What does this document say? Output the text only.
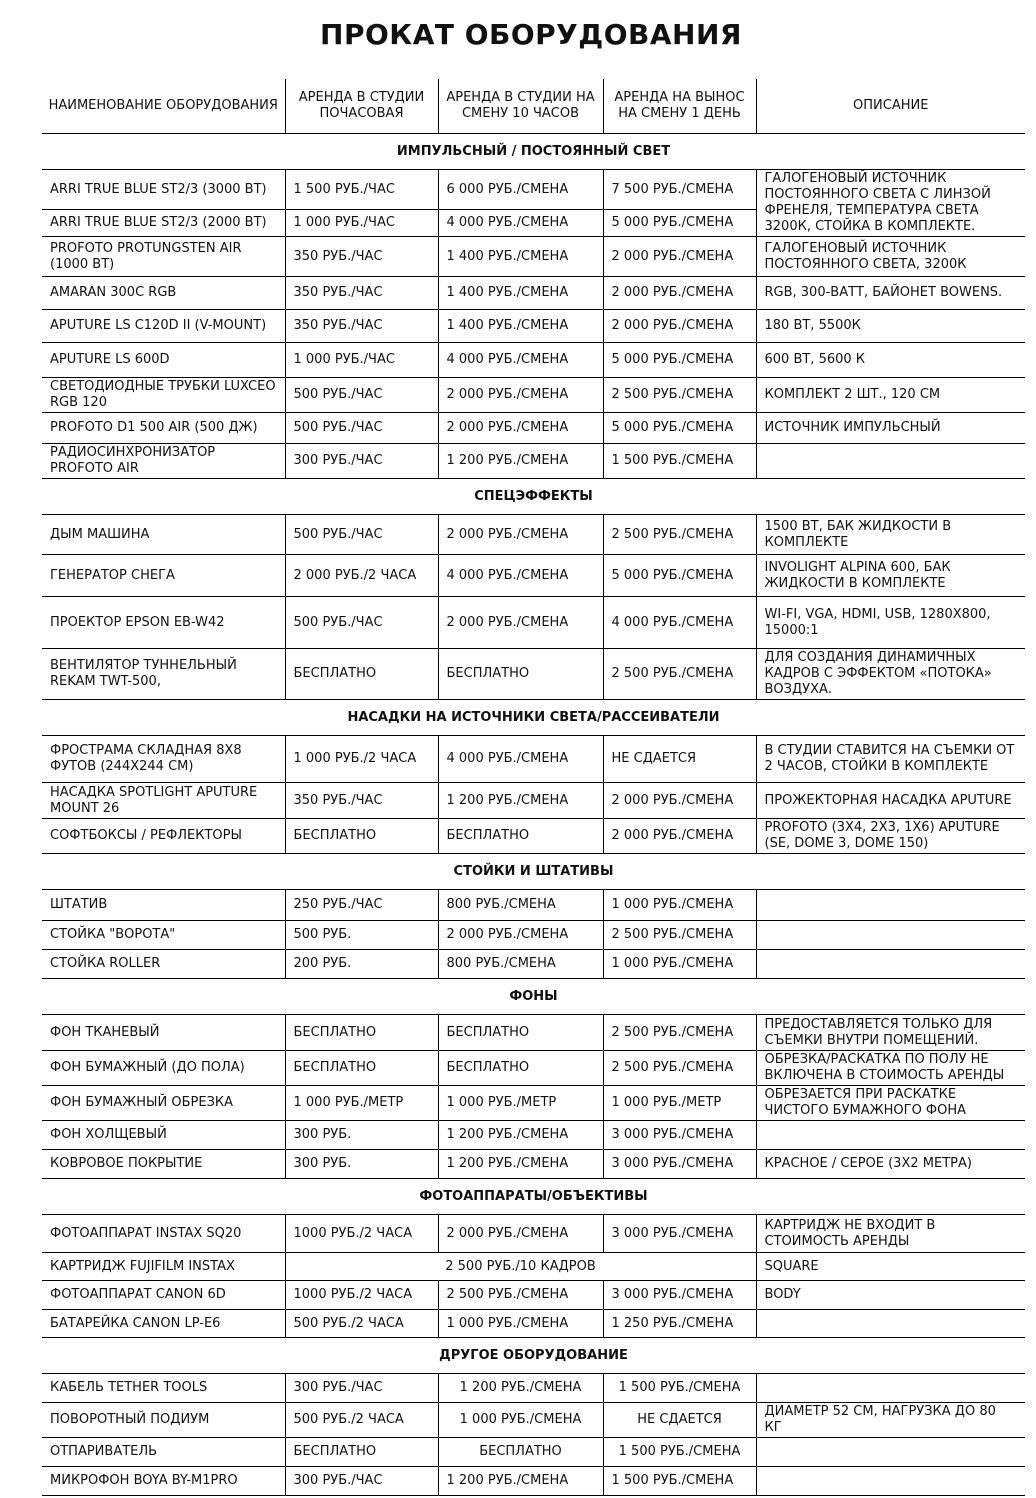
ПРОКАТ ОБОРУДОВАНИЯ
НАИМЕНОВАНИЕ ОБОРУДОВАНИЯ	АРЕНДА В СТУДИИ ПОЧАСОВАЯ	АРЕНДА В СТУДИИ НА СМЕНУ 10 ЧАСОВ	АРЕНДА НА ВЫНОС НА СМЕНУ 1 ДЕНЬ	ОПИСАНИЕ
ИМПУЛЬСНЫЙ / ПОСТОЯННЫЙ СВЕТ				
ARRI TRUE BLUE ST2/3 (3000 ВТ)	1 500 РУБ./ЧАС	6 000 РУБ./СМЕНА	7 500 РУБ./СМЕНА	ГАЛОГЕНОВЫЙ ИСТОЧНИК ПОСТОЯННОГО СВЕТА С ЛИНЗОЙ ФРЕНЕЛЯ, ТЕМПЕРАТУРА СВЕТА 3200К, СТОЙКА В КОМПЛЕКТЕ.
ARRI TRUE BLUE ST2/3 (2000 ВТ)	1 000 РУБ./ЧАС	4 000 РУБ./СМЕНА	5 000 РУБ./СМЕНА	
PROFOTO PROTUNGSTEN AIR (1000 ВТ)	350 РУБ./ЧАС	1 400 РУБ./СМЕНА	2 000 РУБ./СМЕНА	ГАЛОГЕНОВЫЙ ИСТОЧНИК ПОСТОЯННОГО СВЕТА, 3200К
AMARAN 300C RGB	350 РУБ./ЧАС	1 400 РУБ./СМЕНА	2 000 РУБ./СМЕНА	RGB, 300-ВАТТ, БАЙОНЕТ BOWENS.
APUTURE LS C120D II (V-MOUNT)	350 РУБ./ЧАС	1 400 РУБ./СМЕНА	2 000 РУБ./СМЕНА	180 ВТ, 5500К
APUTURE LS 600D	1 000 РУБ./ЧАС	4 000 РУБ./СМЕНА	5 000 РУБ./СМЕНА	600 ВТ, 5600 К
СВЕТОДИОДНЫЕ ТРУБКИ LUXCEO RGB 120	500 РУБ./ЧАС	2 000 РУБ./СМЕНА	2 500 РУБ./СМЕНА	КОМПЛЕКТ 2 ШТ., 120 СМ
PROFOTO D1 500 AIR (500 ДЖ)	500 РУБ./ЧАС	2 000 РУБ./СМЕНА	5 000 РУБ./СМЕНА	ИСТОЧНИК ИМПУЛЬСНЫЙ
РАДИОСИНХРОНИЗАТОР PROFOTO AIR	300 РУБ./ЧАС	1 200 РУБ./СМЕНА	1 500 РУБ./СМЕНА	
СПЕЦЭФФЕКТЫ				
ДЫМ МАШИНА	500 РУБ./ЧАС	2 000 РУБ./СМЕНА	2 500 РУБ./СМЕНА	1500 ВТ, БАК ЖИДКОСТИ В КОМПЛЕКТЕ
ГЕНЕРАТОР СНЕГА	2 000 РУБ./2 ЧАСА	4 000 РУБ./СМЕНА	5 000 РУБ./СМЕНА	INVOLIGHT ALPINA 600, БАК ЖИДКОСТИ В КОМПЛЕКТЕ
ПРОЕКТОР EPSON EB-W42	500 РУБ./ЧАС	2 000 РУБ./СМЕНА	4 000 РУБ./СМЕНА	WI-FI, VGA, HDMI, USB, 1280X800, 15000:1
ВЕНТИЛЯТОР ТУННЕЛЬНЫЙ REKAM TWT-500,	БЕСПЛАТНО	БЕСПЛАТНО	2 500 РУБ./СМЕНА	ДЛЯ СОЗДАНИЯ ДИНАМИЧНЫХ КАДРОВ С ЭФФЕКТОМ «ПОТОКА» ВОЗДУХА.
НАСАДКИ НА ИСТОЧНИКИ СВЕТА/РАССЕИВАТЕЛИ				
ФРОСТРАМА СКЛАДНАЯ 8X8 ФУТОВ (244X244 СМ)	1 000 РУБ./2 ЧАСА	4 000 РУБ./СМЕНА	НЕ СДАЕТСЯ	В СТУДИИ СТАВИТСЯ НА СЪЕМКИ ОТ 2 ЧАСОВ, СТОЙКИ В КОМПЛЕКТЕ
НАСАДКА SPOTLIGHT APUTURE MOUNT 26	350 РУБ./ЧАС	1 200 РУБ./СМЕНА	2 000 РУБ./СМЕНА	ПРОЖЕКТОРНАЯ НАСАДКА APUTURE
СОФТБОКСЫ / РЕФЛЕКТОРЫ	БЕСПЛАТНО	БЕСПЛАТНО	2 000 РУБ./СМЕНА	PROFOTO (3X4, 2X3, 1X6) APUTURE (SE, DOME 3, DOME 150)
СТОЙКИ И ШТАТИВЫ				
ШТАТИВ	250 РУБ./ЧАС	800 РУБ./СМЕНА	1 000 РУБ./СМЕНА	
СТОЙКА "ВОРОТА"	500 РУБ.	2 000 РУБ./СМЕНА	2 500 РУБ./СМЕНА	
СТОЙКА ROLLER	200 РУБ.	800 РУБ./СМЕНА	1 000 РУБ./СМЕНА	
ФОНЫ				
ФОН ТКАНЕВЫЙ	БЕСПЛАТНО	БЕСПЛАТНО	2 500 РУБ./СМЕНА	ПРЕДОСТАВЛЯЕТСЯ ТОЛЬКО ДЛЯ СЪЕМКИ ВНУТРИ ПОМЕЩЕНИЙ.
ФОН БУМАЖНЫЙ (ДО ПОЛА)	БЕСПЛАТНО	БЕСПЛАТНО	2 500 РУБ./СМЕНА	ОБРЕЗКА/РАСКАТКА ПО ПОЛУ НЕ ВКЛЮЧЕНА В СТОИМОСТЬ АРЕНДЫ
ФОН БУМАЖНЫЙ ОБРЕЗКА	1 000 РУБ./МЕТР	1 000 РУБ./МЕТР	1 000 РУБ./МЕТР	ОБРЕЗАЕТСЯ ПРИ РАСКАТКЕ ЧИСТОГО БУМАЖНОГО ФОНА
ФОН ХОЛЩЕВЫЙ	300 РУБ.	1 200 РУБ./СМЕНА	3 000 РУБ./СМЕНА	
КОВРОВОЕ ПОКРЫТИЕ	300 РУБ.	1 200 РУБ./СМЕНА	3 000 РУБ./СМЕНА	КРАСНОЕ / СЕРОЕ (3X2 МЕТРА)
ФОТОАППАРАТЫ/ОБЪЕКТИВЫ				
ФОТОАППАРАТ INSTAX SQ20	1000 РУБ./2 ЧАСА	2 000 РУБ./СМЕНА	3 000 РУБ./СМЕНА	КАРТРИДЖ НЕ ВХОДИТ В СТОИМОСТЬ АРЕНДЫ
КАРТРИДЖ FUJIFILM INSTAX	2 500 РУБ./10 КАДРОВ			SQUARE
ФОТОАППАРАТ CANON 6D	1000 РУБ./2 ЧАСА	2 500 РУБ./СМЕНА	3 000 РУБ./СМЕНА	BODY
БАТАРЕЙКА CANON LP-E6	500 РУБ./2 ЧАСА	1 000 РУБ./СМЕНА	1 250 РУБ./СМЕНА	
ДРУГОЕ ОБОРУДОВАНИЕ				
КАБЕЛЬ TETHER TOOLS	300 РУБ./ЧАС	1 200 РУБ./СМЕНА	1 500 РУБ./СМЕНА	
ПОВОРОТНЫЙ ПОДИУМ	500 РУБ./2 ЧАСА	1 000 РУБ./СМЕНА	НЕ СДАЕТСЯ	ДИАМЕТР 52 СМ, НАГРУЗКА ДО 80 КГ
ОТПАРИВАТЕЛЬ	БЕСПЛАТНО	БЕСПЛАТНО	1 500 РУБ./СМЕНА	
МИКРОФОН BOYA BY-M1PRO	300 РУБ./ЧАС	1 200 РУБ./СМЕНА	1 500 РУБ./СМЕНА	
